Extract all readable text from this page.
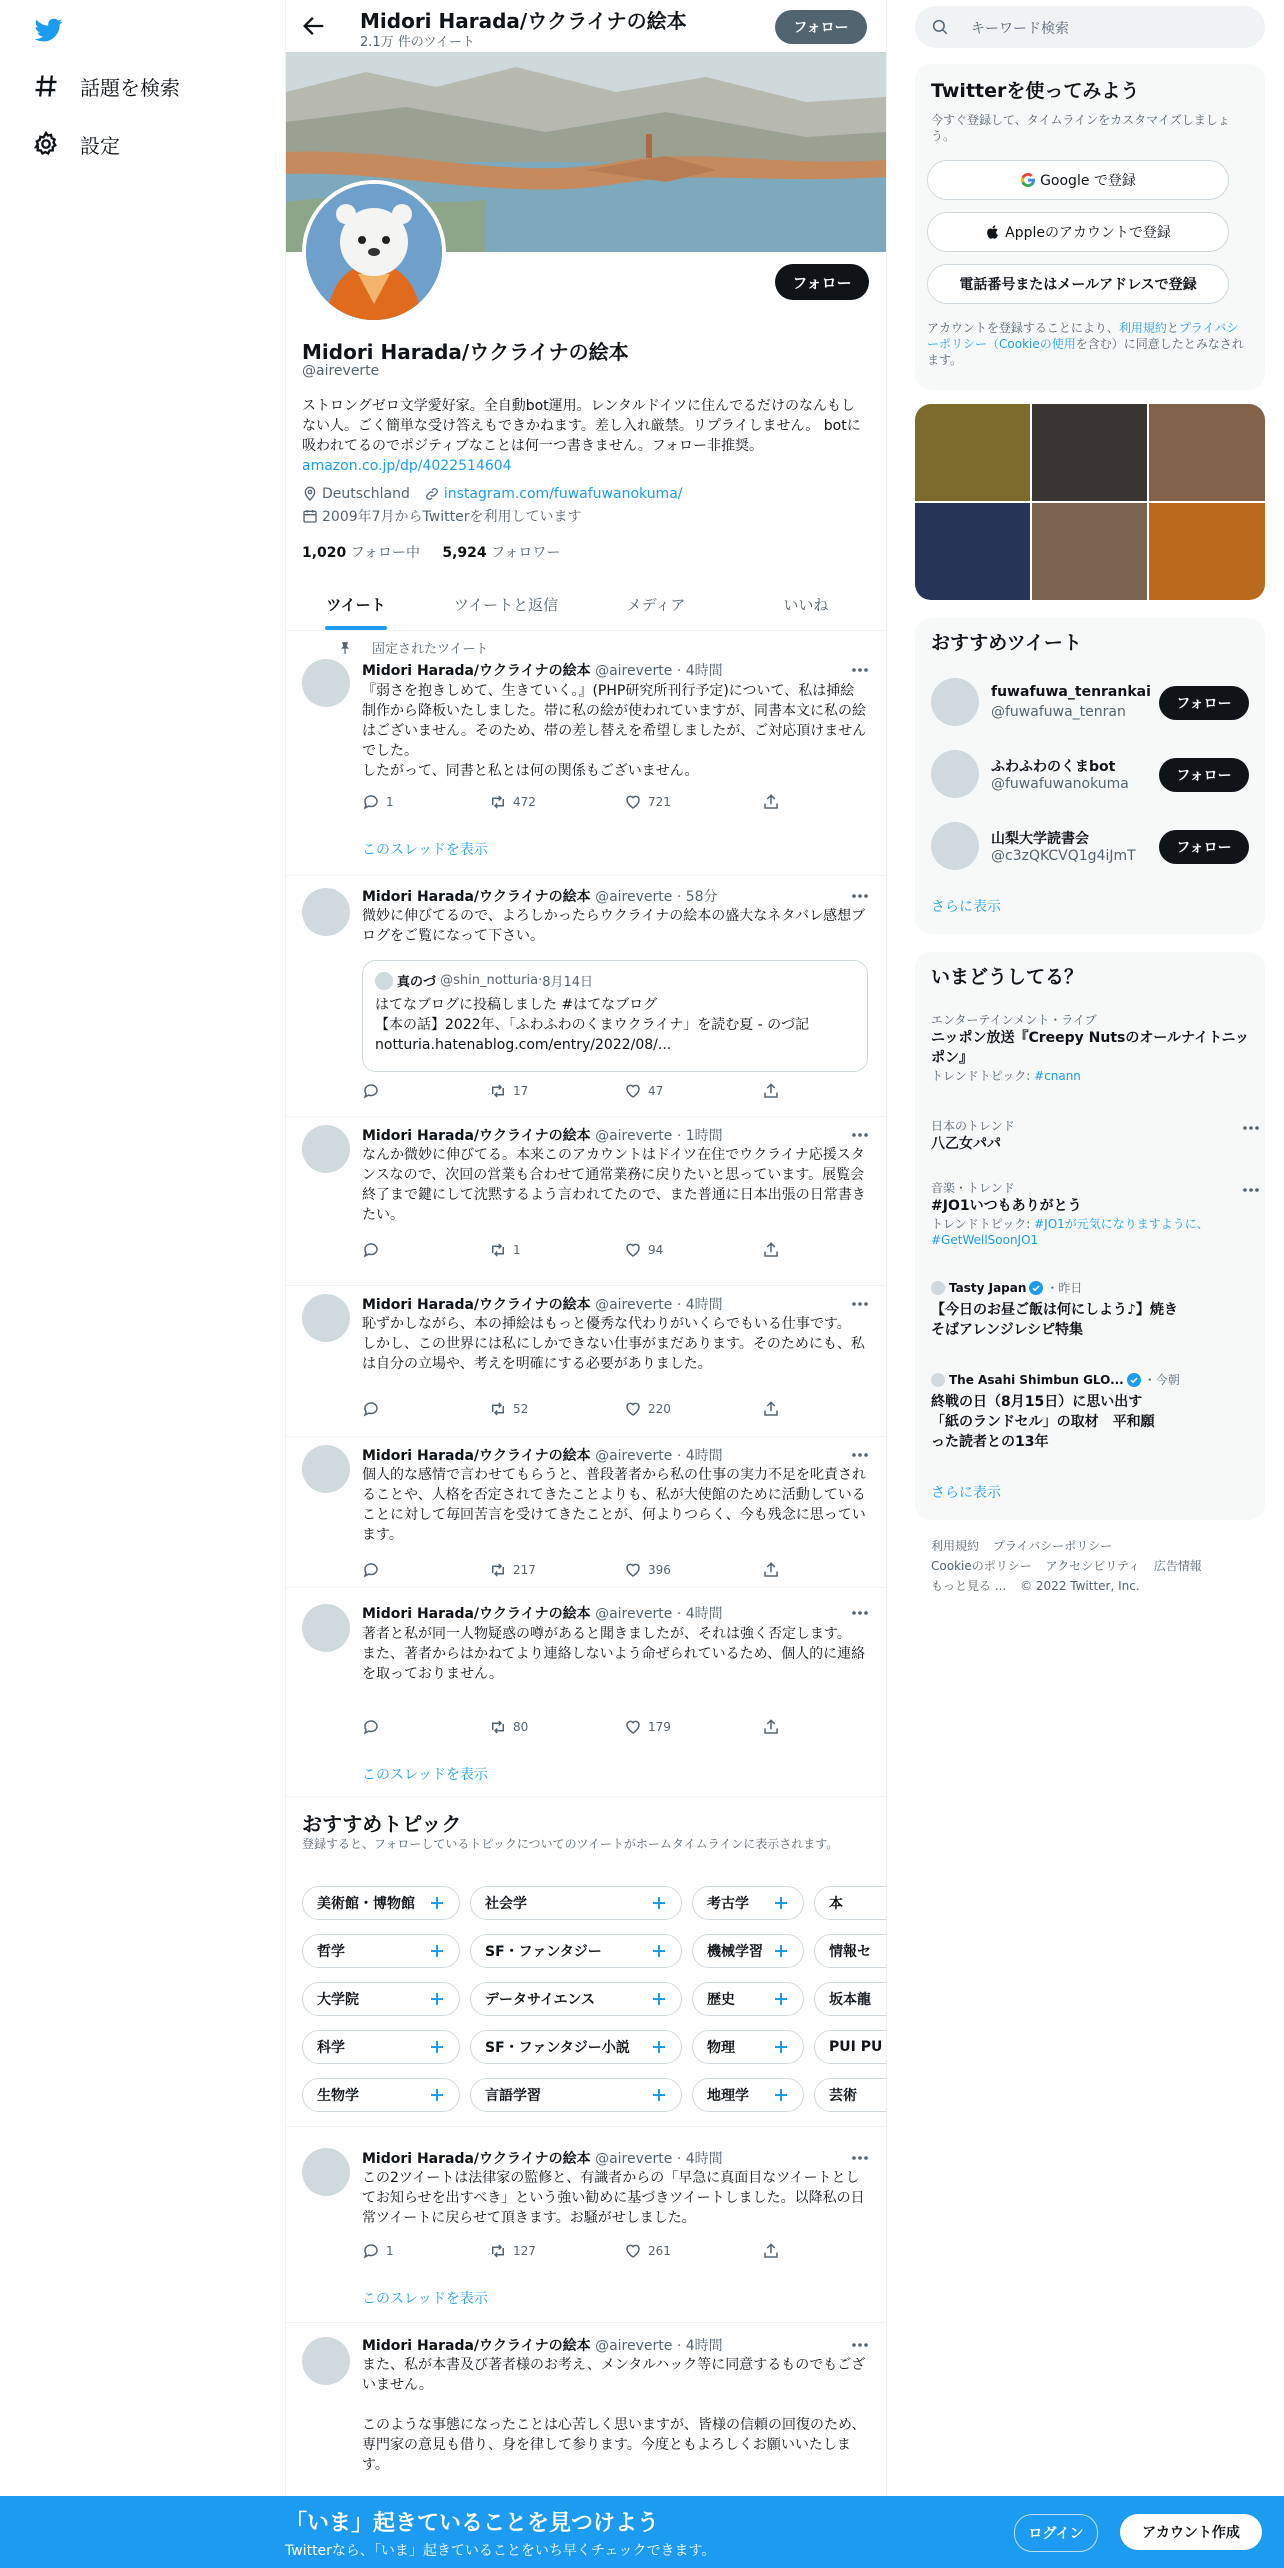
話題を検索
設定
Midori Harada/ウクライナの絵本
2.1万 件のツイート
フォロー
フォロー
Midori Harada/ウクライナの絵本
@aireverte
ストロングゼロ文学愛好家。全自動bot運用。レンタルドイツに住んでるだけのなんもしない人。ごく簡単な受け答えもできかねます。差し入れ厳禁。リプライしません。 botに吸われてるのでポジティブなことは何一つ書きません。フォロー非推奨。 amazon.co.jp/dp/4022514604
Deutschland instagram.com/fuwafuwanokuma/
2009年7月からTwitterを利用しています
1,020 フォロー中 5,924 フォロワー
ツイート	ツイートと返信	メディア	いいね
固定されたツイート
Midori Harada/ウクライナの絵本 @aireverte · 4時間
『弱さを抱きしめて、生きていく。』(PHP研究所刊行予定)について、私は挿絵制作から降板いたしました。帯に私の絵が使われていますが、同書本文に私の絵はございません。そのため、帯の差し替えを希望しましたが、ご対応頂けませんでした。
したがって、同書と私とは何の関係もございません。
1	472	721
このスレッドを表示
Midori Harada/ウクライナの絵本 @aireverte · 58分
微妙に伸びてるので、よろしかったらウクライナの絵本の盛大なネタバレ感想ブログをご覧になって下さい。
真のづ
@shin_notturia · 8月14日
はてなブログに投稿しました #はてなブログ
【本の話】2022年、「ふわふわのくまウクライナ」を読む夏 - のづ記
notturia.hatenablog.com/entry/2022/08/...
17	47
Midori Harada/ウクライナの絵本 @aireverte · 1時間
なんか微妙に伸びてる。本来このアカウントはドイツ在住でウクライナ応援スタンスなので、次回の営業も合わせて通常業務に戻りたいと思っています。展覧会終了まで鍵にして沈黙するよう言われてたので、また普通に日本出張の日常書きたい。
1	94
Midori Harada/ウクライナの絵本 @aireverte · 4時間
恥ずかしながら、本の挿絵はもっと優秀な代わりがいくらでもいる仕事です。
しかし、この世界には私にしかできない仕事がまだあります。そのためにも、私は自分の立場や、考えを明確にする必要がありました。
52	220
Midori Harada/ウクライナの絵本 @aireverte · 4時間
個人的な感情で言わせてもらうと、普段著者から私の仕事の実力不足を叱責されることや、人格を否定されてきたことよりも、私が大使館のために活動していることに対して毎回苦言を受けてきたことが、何よりつらく、今も残念に思っています。
217	396
Midori Harada/ウクライナの絵本 @aireverte · 4時間
著者と私が同一人物疑惑の噂があると聞きましたが、それは強く否定します。
また、著者からはかねてより連絡しないよう命ぜられているため、個人的に連絡を取っておりません。
80	179
このスレッドを表示
おすすめトピック
登録すると、フォローしているトピックについてのツイートがホームタイムラインに表示されます。
美術館・博物館	社会学	考古学	本
哲学	SF・ファンタジー	機械学習	情報セ
大学院	データサイエンス	歴史	坂本龍
科学	SF・ファンタジー小説	物理	PUI PU
生物学	言語学習	地理学	芸術
Midori Harada/ウクライナの絵本 @aireverte · 4時間
この2ツイートは法律家の監修と、有識者からの「早急に真面目なツイートとしてお知らせを出すべき」という強い勧めに基づきツイートしました。以降私の日常ツイートに戻らせて頂きます。お騒がせしました。
1	127	261
このスレッドを表示
Midori Harada/ウクライナの絵本 @aireverte · 4時間
また、私が本書及び著者様のお考え、メンタルハック等に同意するものでもございません。

このような事態になったことは心苦しく思いますが、皆様の信頼の回復のため、専門家の意見も借り、身を律して参ります。今度ともよろしくお願いいたします。
キーワード検索
Twitterを使ってみよう
今すぐ登録して、タイムラインをカスタマイズしましょう。
Google で登録
Appleのアカウントで登録
電話番号またはメールアドレスで登録
アカウントを登録することにより、利用規約とプライバシーポリシー（Cookieの使用を含む）に同意したとみなされます。
おすすめツイート
fuwafuwa_tenrankai
@fuwafuwa_tenran	フォロー
ふわふわのくまbot
@fuwafuwanokuma	フォロー
山梨大学読書会
@c3zQKCVQ1g4iJmT	フォロー
さらに表示
いまどうしてる？
エンターテインメント・ライブ
ニッポン放送『Creepy Nutsのオールナイトニッポン』
トレンドトピック: #cnann
日本のトレンド
八乙女パパ
音楽・トレンド
#JO1いつもありがとう
トレンドトピック: #JO1が元気になりますように、#GetWellSoonJO1
Tasty Japan ・昨日
【今日のお昼ご飯は何にしよう♪】焼きそばアレンジレシピ特集
The Asahi Shimbun GLO... ・今朝
終戦の日（8月15日）に思い出す「紙のランドセル」の取材　平和願った読者との13年
さらに表示
利用規約 プライバシーポリシー
Cookieのポリシー アクセシビリティ 広告情報
もっと見る ... © 2022 Twitter, Inc.
「いま」起きていることを見つけよう
Twitterなら、「いま」起きていることをいち早くチェックできます。
ログイン	アカウント作成
